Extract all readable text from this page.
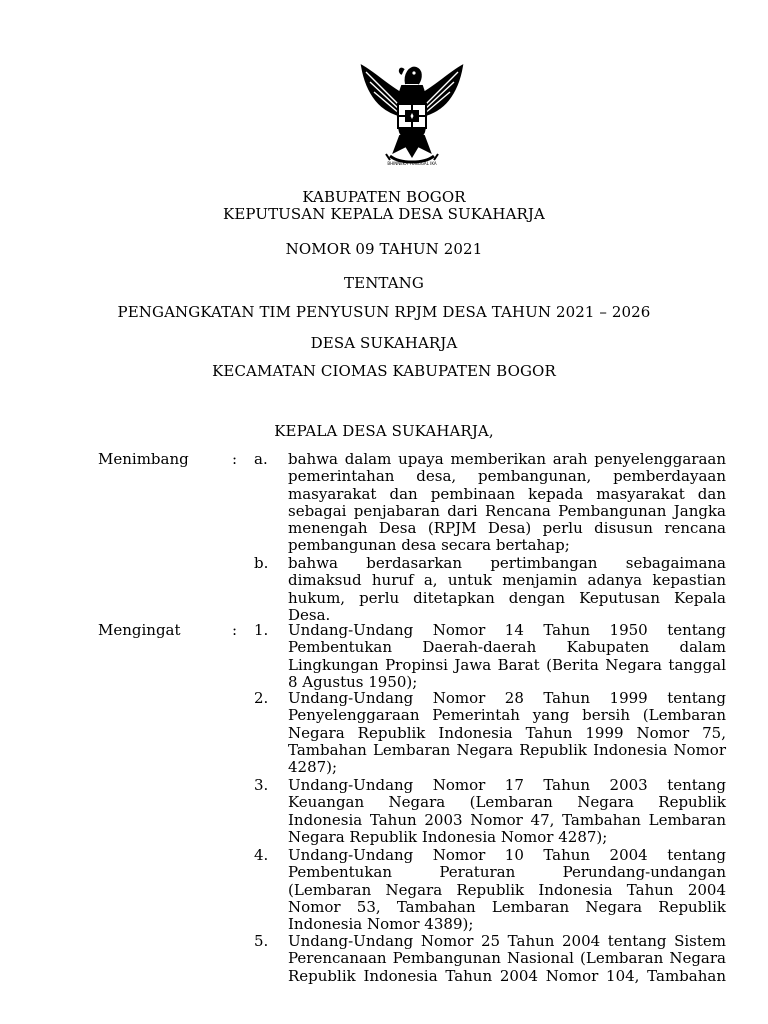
BHINNEKA TUNGGAL IKA
KABUPATEN BOGOR
KEPUTUSAN KEPALA DESA SUKAHARJA
NOMOR 09 TAHUN 2021
TENTANG
PENGANGKATAN TIM PENYUSUN RPJM DESA TAHUN 2021 – 2026
DESA SUKAHARJA
KECAMATAN CIOMAS KABUPATEN BOGOR
KEPALA DESA SUKAHARJA,
Menimbang	: a. bahwa dalam upaya memberikan arah penyelenggaraan pemerintahan desa, pembangunan, pemberdayaan masyarakat dan pembinaan kepada masyarakat dan sebagai penjabaran dari Rencana Pembangunan Jangka menengah Desa (RPJM Desa) perlu disusun rencana pembangunan desa secara bertahap;
b. bahwa berdasarkan pertimbangan sebagaimana dimaksud huruf a, untuk menjamin adanya kepastian hukum, perlu ditetapkan dengan Keputusan Kepala Desa.
Mengingat	: 1. Undang-Undang Nomor 14 Tahun 1950 tentang Pembentukan Daerah-daerah Kabupaten dalam Lingkungan Propinsi Jawa Barat (Berita Negara tanggal 8 Agustus 1950);
2. Undang-Undang Nomor 28 Tahun 1999 tentang Penyelenggaraan Pemerintah yang bersih (Lembaran Negara Republik Indonesia Tahun 1999 Nomor 75, Tambahan Lembaran Negara Republik Indonesia Nomor 4287);
3. Undang-Undang Nomor 17 Tahun 2003 tentang Keuangan Negara (Lembaran Negara Republik Indonesia Tahun 2003 Nomor 47, Tambahan Lembaran Negara Republik Indonesia Nomor 4287);
4. Undang-Undang Nomor 10 Tahun 2004 tentang Pembentukan Peraturan Perundang-undangan (Lembaran Negara Republik Indonesia Tahun 2004 Nomor 53, Tambahan Lembaran Negara Republik Indonesia Nomor 4389);
5. Undang-Undang Nomor 25 Tahun 2004 tentang Sistem Perencanaan Pembangunan Nasional (Lembaran Negara Republik Indonesia Tahun 2004 Nomor 104, Tambahan
